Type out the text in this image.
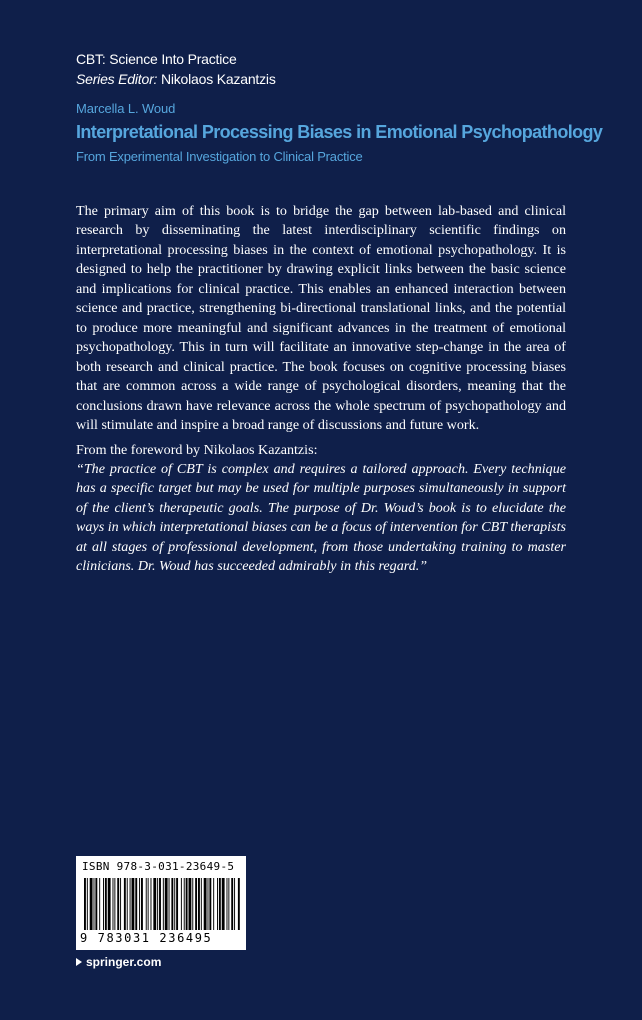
CBT: Science Into Practice
Series Editor: Nikolaos Kazantzis
Marcella L. Woud
Interpretational Processing Biases in Emotional Psychopathology
From Experimental Investigation to Clinical Practice

The primary aim of this book is to bridge the gap between lab-based and clinical research by disseminating the latest interdisciplinary scientific findings on interpretational processing biases in the context of emotional psychopathology. It is designed to help the practitioner by drawing explicit links between the basic science and implications for clinical practice. This enables an enhanced interaction between science and practice, strengthening bi-directional translational links, and the potential to produce more meaningful and significant advances in the treatment of emotional psychopathology. This in turn will facilitate an innovative step-change in the area of both research and clinical practice. The book focuses on cognitive processing biases that are common across a wide range of psychological disorders, meaning that the conclusions drawn have relevance across the whole spectrum of psychopathology and will stimulate and inspire a broad range of discussions and future work.

From the foreword by Nikolaos Kazantzis:

“The practice of CBT is complex and requires a tailored approach. Every technique has a specific target but may be used for multiple purposes simultaneously in support of the client’s therapeutic goals. The purpose of Dr. Woud’s book is to elucidate the ways in which interpretational biases can be a focus of intervention for CBT therapists at all stages of professional development, from those undertaking training to master clinicians. Dr. Woud has succeeded admirably in this regard.”

ISBN 978-3-031-23649-5
9 783031 236495
springer.com
